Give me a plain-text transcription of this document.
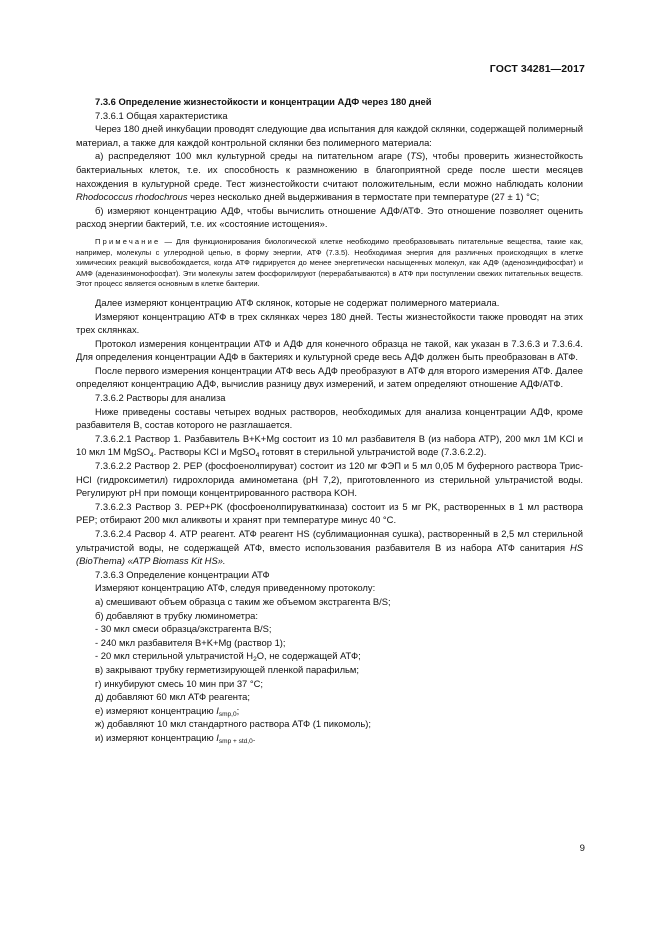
ГОСТ 34281—2017

7.3.6 Определение жизнестойкости и концентрации АДФ через 180 дней

7.3.6.1 Общая характеристика

Через 180 дней инкубации проводят следующие два испытания для каждой склянки, содержащей полимерный материал, а также для каждой контрольной склянки без полимерного материала:

а) распределяют 100 мкл культурной среды на питательном агаре (TS), чтобы проверить жизнестойкость бактериальных клеток, т.е. их способность к размножению в благоприятной среде после шести месяцев нахождения в культурной среде. Тест жизнестойкости считают положительным, если можно наблюдать колонии Rhodococcus rhodochrous через несколько дней выдерживания в термостате при температуре (27 ± 1) °С;

б) измеряют концентрацию АДФ, чтобы вычислить отношение АДФ/АТФ. Это отношение позволяет оценить расход энергии бактерий, т.е. их «состояние истощения».

Примечание — Для функционирования биологической клетке необходимо преобразовывать питательные вещества, такие как, например, молекулы с углеродной цепью, в форму энергии, АТФ (7.3.5). Необходимая энергия для различных происходящих в клетке химических реакций высвобождается, когда АТФ гидрируется до менее энергетически насыщенных молекул, как АДФ (аденозиндифосфат) и АМФ (аденазинмонофосфат). Эти молекулы затем фосфорилируют (перерабатываются) в АТФ при поступлении свежих питательных веществ. Этот процесс является основным в клетке бактерии.

Далее измеряют концентрацию АТФ склянок, которые не содержат полимерного материала.

Измеряют концентрацию АТФ в трех склянках через 180 дней. Тесты жизнестойкости также проводят на этих трех склянках.

Протокол измерения концентрации АТФ и АДФ для конечного образца не такой, как указан в 7.3.6.3 и 7.3.6.4. Для определения концентрации АДФ в бактериях и культурной среде весь АДФ должен быть преобразован в АТФ.

После первого измерения концентрации АТФ весь АДФ преобразуют в АТФ для второго измерения АТФ. Далее определяют концентрацию АДФ, вычислив разницу двух измерений, и затем определяют отношение АДФ/АТФ.

7.3.6.2 Растворы для анализа

Ниже приведены составы четырех водных растворов, необходимых для анализа концентрации АДФ, кроме разбавителя В, состав которого не разглашается.

7.3.6.2.1 Раствор 1. Разбавитель B+K+Mg состоит из 10 мл разбавителя В (из набора АТР), 200 мкл 1M KCl и 10 мкл 1M MgSO$_4$. Растворы KCl и MgSO$_4$ готовят в стерильной ультрачистой воде (7.3.6.2.2).

7.3.6.2.2 Раствор 2. PEP (фосфоенолпируват) состоит из 120 мг ФЭП и 5 мл 0,05 М буферного раствора Трис-HCl (гидроксиметил) гидрохлорида аминометана (pH 7,2), приготовленного из стерильной ультрачистой воды. Регулируют pH при помощи концентрированного раствора KOH.

7.3.6.2.3 Раствор 3. PEP+PK (фосфоенолпируваткиназа) состоит из 5 мг PK, растворенных в 1 мл раствора PEP; отбирают 200 мкл аликвоты и хранят при температуре минус 40 °С.

7.3.6.2.4 Расвор 4. ATP реагент. АТФ реагент HS (сублимационная сушка), растворенный в 2,5 мл стерильной ультрачистой воды, не содержащей АТФ, вместо использования разбавителя В из набора АТФ санитария HS (BioThema) «ATP Biomass Kit HS».

7.3.6.3 Определение концентрации АТФ

Измеряют концентрацию АТФ, следуя приведенному протоколу:

а) смешивают объем образца с таким же объемом экстрагента B/S;

б) добавляют в трубку люминометра:

- 30 мкл смеси образца/экстрагента B/S;

- 240 мкл разбавителя B+K+Mg (раствор 1);

- 20 мкл стерильной ультрачистой $H_2O$, не содержащей АТФ;

в) закрывают трубку герметизирующей пленкой парафильм;

г) инкубируют смесь 10 мин при 37 °С;

д) добавляют 60 мкл АТФ реагента;

е) измеряют концентрацию $I_{smp,0}$;

ж) добавляют 10 мкл стандартного раствора АТФ (1 пикомоль);

и) измеряют концентрацию $I_{smp + std,0}$.

9
